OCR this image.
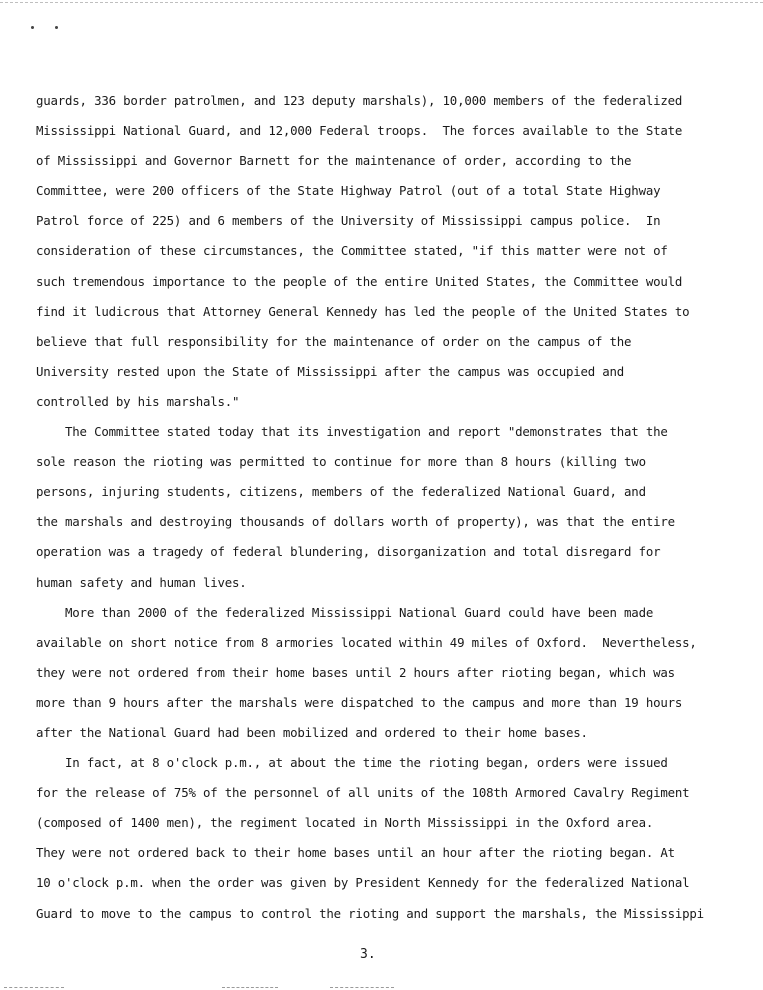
guards, 336 border patrolmen, and 123 deputy marshals), 10,000 members of the federalized
Mississippi National Guard, and 12,000 Federal troops.  The forces available to the State
of Mississippi and Governor Barnett for the maintenance of order, according to the
Committee, were 200 officers of the State Highway Patrol (out of a total State Highway
Patrol force of 225) and 6 members of the University of Mississippi campus police.  In
consideration of these circumstances, the Committee stated, "if this matter were not of
such tremendous importance to the people of the entire United States, the Committee would
find it ludicrous that Attorney General Kennedy has led the people of the United States to
believe that full responsibility for the maintenance of order on the campus of the
University rested upon the State of Mississippi after the campus was occupied and
controlled by his marshals."
The Committee stated today that its investigation and report "demonstrates that the
sole reason the rioting was permitted to continue for more than 8 hours (killing two
persons, injuring students, citizens, members of the federalized National Guard, and
the marshals and destroying thousands of dollars worth of property), was that the entire
operation was a tragedy of federal blundering, disorganization and total disregard for
human safety and human lives.
More than 2000 of the federalized Mississippi National Guard could have been made
available on short notice from 8 armories located within 49 miles of Oxford.  Nevertheless,
they were not ordered from their home bases until 2 hours after rioting began, which was
more than 9 hours after the marshals were dispatched to the campus and more than 19 hours
after the National Guard had been mobilized and ordered to their home bases.
In fact, at 8 o'clock p.m., at about the time the rioting began, orders were issued
for the release of 75% of the personnel of all units of the 108th Armored Cavalry Regiment
(composed of 1400 men), the regiment located in North Mississippi in the Oxford area.
They were not ordered back to their home bases until an hour after the rioting began. At
10 o'clock p.m. when the order was given by President Kennedy for the federalized National
Guard to move to the campus to control the rioting and support the marshals, the Mississippi
3.
